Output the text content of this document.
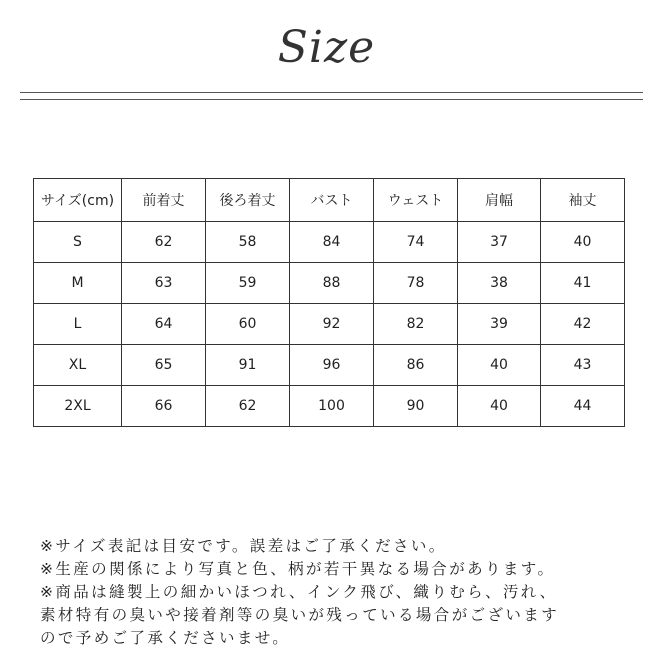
Size
サイズ(cm)	前着丈	後ろ着丈	バスト	ウェスト	肩幅	袖丈
S	62	58	84	74	37	40
M	63	59	88	78	38	41
L	64	60	92	82	39	42
XL	65	91	96	86	40	43
2XL	66	62	100	90	40	44
※サイズ表記は目安です。誤差はご了承ください。
※生産の関係により写真と色、柄が若干異なる場合があります。
※商品は縫製上の細かいほつれ、インク飛び、織りむら、汚れ、
素材特有の臭いや接着剤等の臭いが残っている場合がございます
ので予めご了承くださいませ。
